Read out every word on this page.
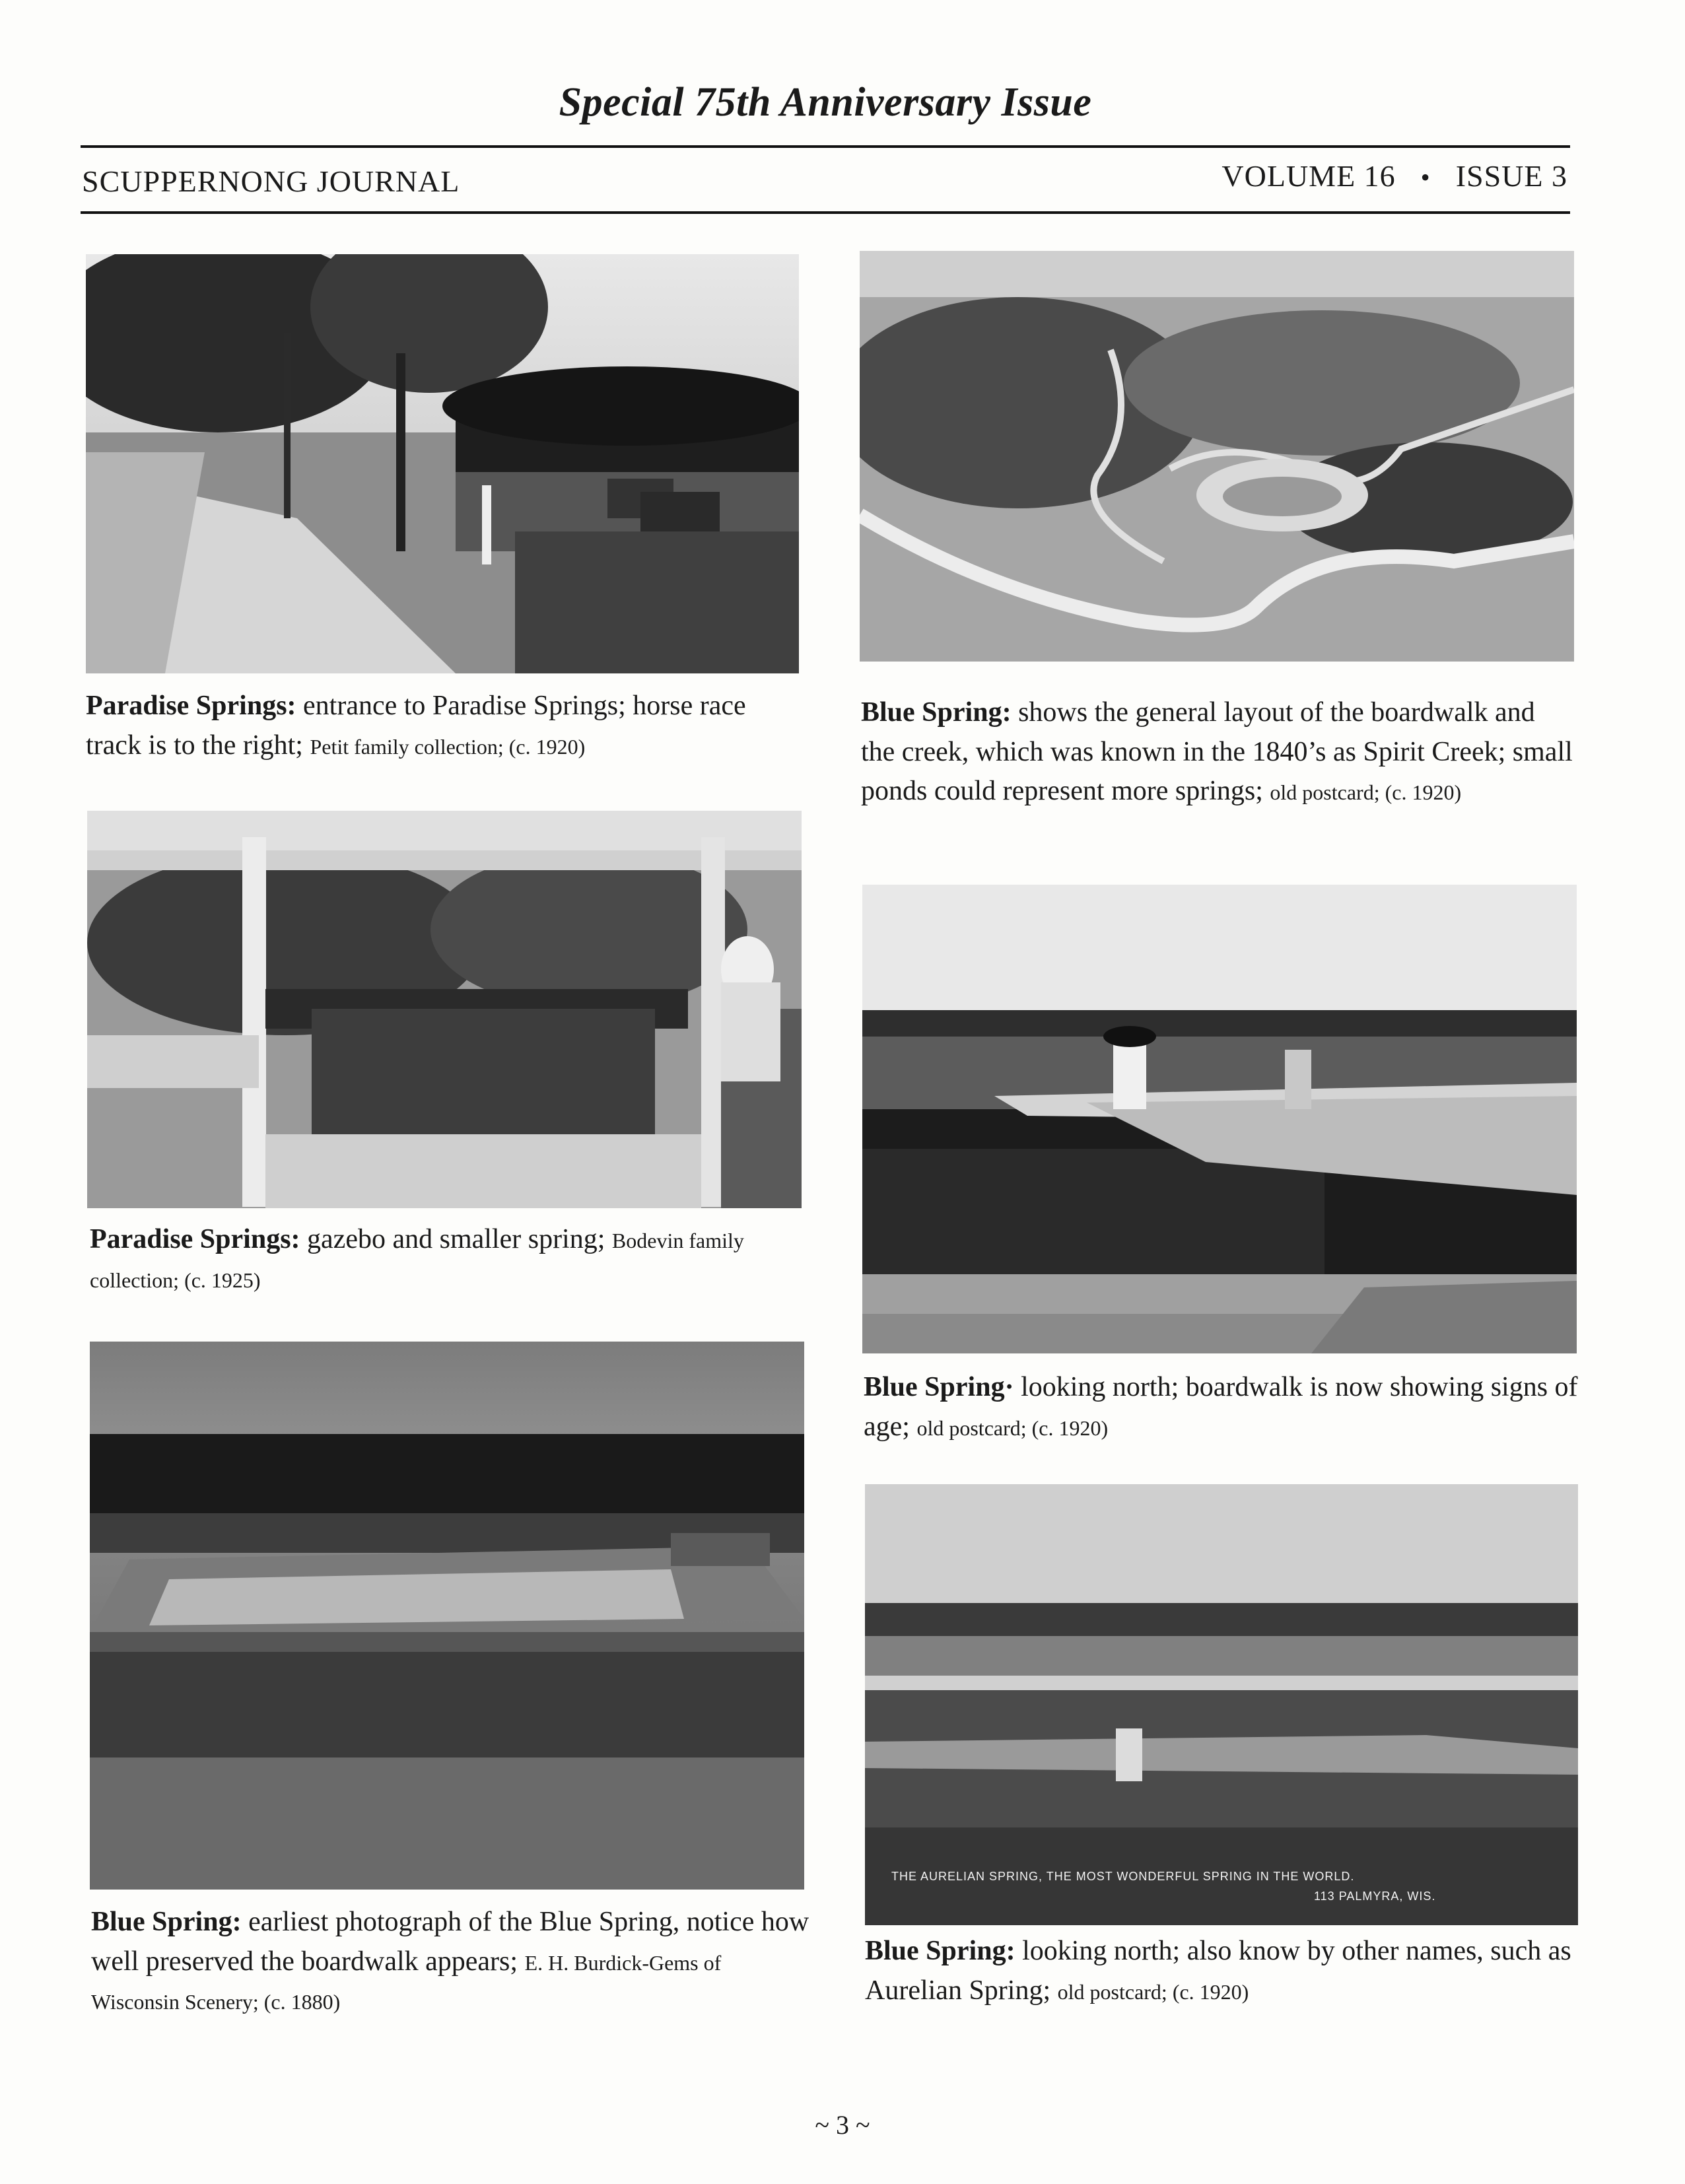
Special 75th Anniversary Issue
SCUPPERNONG JOURNAL	VOLUME 16 • ISSUE 3
Paradise Springs: entrance to Paradise Springs; horse race track is to the right; Petit family collection; (c. 1920)
Paradise Springs: gazebo and smaller spring; Bodevin family collection; (c. 1925)
Blue Spring: earliest photograph of the Blue Spring, notice how well preserved the boardwalk appears; E. H. Burdick-Gems of Wisconsin Scenery; (c. 1880)
Blue Spring: shows the general layout of the boardwalk and the creek, which was known in the 1840’s as Spirit Creek; small ponds could represent more springs; old postcard; (c. 1920)
Blue Spring· looking north; boardwalk is now showing signs of age; old postcard; (c. 1920)
THE AURELIAN SPRING, THE MOST WONDERFUL SPRING IN THE WORLD.
113 PALMYRA, WIS.
Blue Spring: looking north; also know by other names, such as Aurelian Spring; old postcard; (c. 1920)
~ 3 ~
